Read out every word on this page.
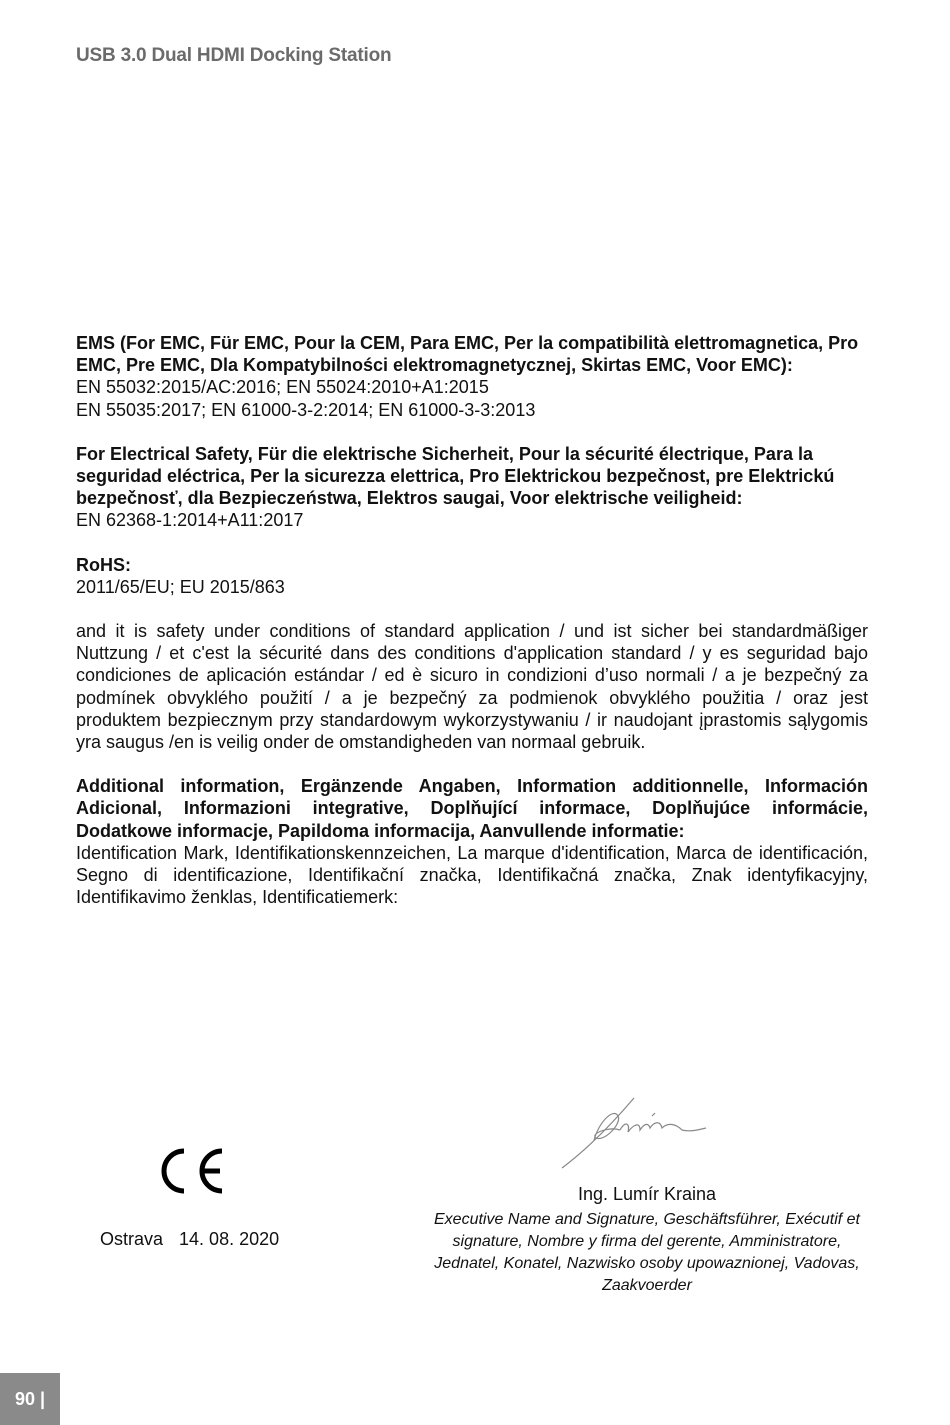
USB 3.0 Dual HDMI Docking Station
EMS (For EMC, Für EMC, Pour la CEM, Para EMC, Per la compatibilità elettromagnetica, Pro EMC, Pre EMC, Dla Kompatybilności elektromagnetycznej, Skirtas EMC, Voor EMC):
EN 55032:2015/AC:2016; EN 55024:2010+A1:2015
EN 55035:2017; EN 61000-3-2:2014; EN 61000-3-3:2013
For Electrical Safety, Für die elektrische Sicherheit, Pour la sécurité électrique, Para la seguridad eléctrica, Per la sicurezza elettrica, Pro Elektrickou bezpečnost, pre Elektrickú bezpečnosť, dla Bezpieczeństwa, Elektros saugai, Voor elektrische veiligheid:
EN 62368-1:2014+A11:2017
RoHS:
2011/65/EU; EU 2015/863
and it is safety under conditions of standard application / und ist sicher bei standardmäßiger Nuttzung / et c'est la sécurité dans des conditions d'application standard / y es seguridad bajo condiciones de aplicación estándar / ed è sicuro in condizioni d’uso normali / a je bezpečný za podmínek obvyklého použití / a je bezpečný za podmienok obvyklého použitia / oraz jest produktem bezpiecznym przy standardowym wykorzystywaniu / ir naudojant įprastomis sąlygomis yra saugus /en is veilig onder de omstandigheden van normaal gebruik.
Additional information, Ergänzende Angaben, Information additionnelle, Información Adicional, Informazioni integrative, Doplňující informace, Doplňujúce informácie, Dodatkowe informacje, Papildoma informacija, Aanvullende informatie:
Identification Mark, Identifikationskennzeichen, La marque d'identification, Marca de identificación, Segno di identificazione, Identifikační značka, Identifikačná značka, Znak identyfikacyjny, Identifikavimo ženklas, Identificatiemerk:
Ostrava 14. 08. 2020
Ing. Lumír Kraina
Executive Name and Signature, Geschäftsführer, Exécutif et signature, Nombre y firma del gerente, Amministratore, Jednatel, Konatel, Nazwisko osoby upowaznionej, Vadovas, Zaakvoerder
90 |
